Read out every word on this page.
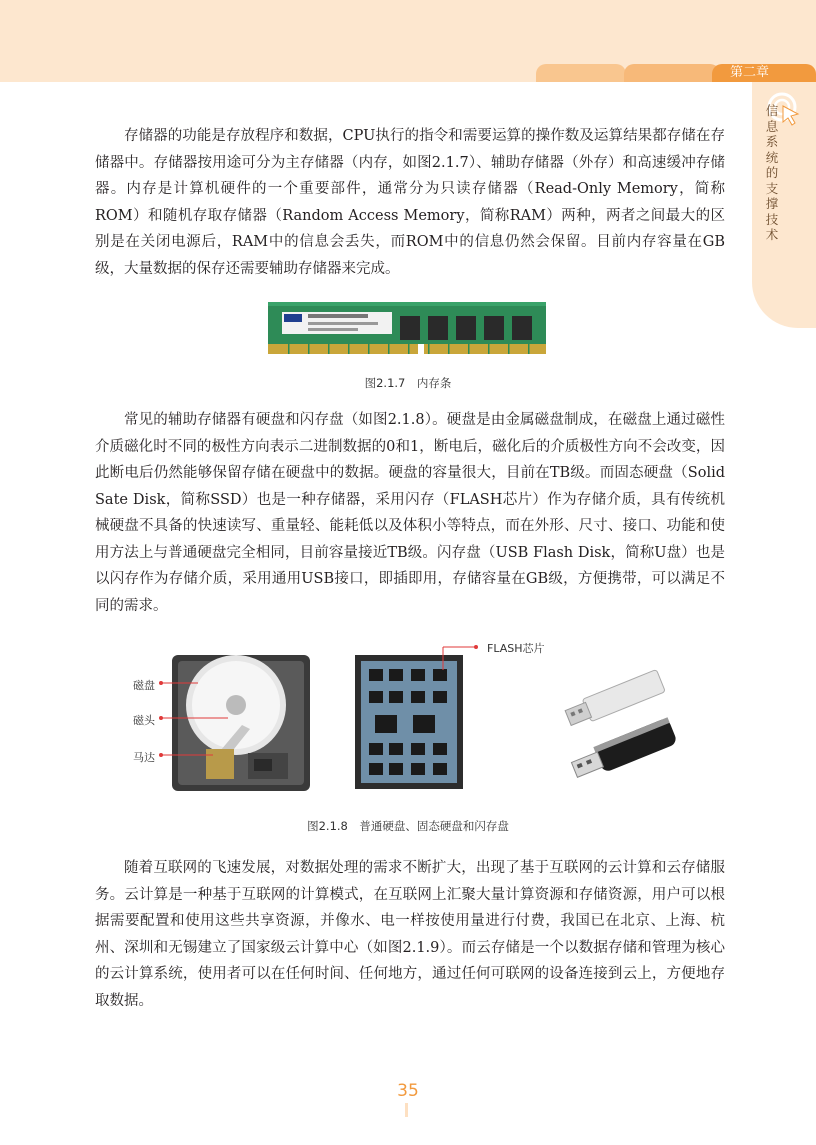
第二章
信息系统的支撑技术

存储器的功能是存放程序和数据，CPU执行的指令和需要运算的操作数及运算结果都存储在存储器中。存储器按用途可分为主存储器（内存，如图2.1.7）、辅助存储器（外存）和高速缓冲存储器。内存是计算机硬件的一个重要部件，通常分为只读存储器（Read-Only Memory，简称ROM）和随机存取存储器（Random Access Memory，简称RAM）两种，两者之间最大的区别是在关闭电源后，RAM中的信息会丢失，而ROM中的信息仍然会保留。目前内存容量在GB级，大量数据的保存还需要辅助存储器来完成。

图2.1.7　内存条

常见的辅助存储器有硬盘和闪存盘（如图2.1.8）。硬盘是由金属磁盘制成，在磁盘上通过磁性介质磁化时不同的极性方向表示二进制数据的0和1，断电后，磁化后的介质极性方向不会改变，因此断电后仍然能够保留存储在硬盘中的数据。硬盘的容量很大，目前在TB级。而固态硬盘（Solid Sate Disk，简称SSD）也是一种存储器，采用闪存（FLASH芯片）作为存储介质，具有传统机械硬盘不具备的快速读写、重量轻、能耗低以及体积小等特点，而在外形、尺寸、接口、功能和使用方法上与普通硬盘完全相同，目前容量接近TB级。闪存盘（USB Flash Disk，简称U盘）也是以闪存作为存储介质，采用通用USB接口，即插即用，存储容量在GB级，方便携带，可以满足不同的需求。

磁盘
磁头
马达
FLASH芯片
图2.1.8　普通硬盘、固态硬盘和闪存盘

随着互联网的飞速发展，对数据处理的需求不断扩大，出现了基于互联网的云计算和云存储服务。云计算是一种基于互联网的计算模式，在互联网上汇聚大量计算资源和存储资源，用户可以根据需要配置和使用这些共享资源，并像水、电一样按使用量进行付费，我国已在北京、上海、杭州、深圳和无锡建立了国家级云计算中心（如图2.1.9）。而云存储是一个以数据存储和管理为核心的云计算系统，使用者可以在任何时间、任何地方，通过任何可联网的设备连接到云上，方便地存取数据。

35
